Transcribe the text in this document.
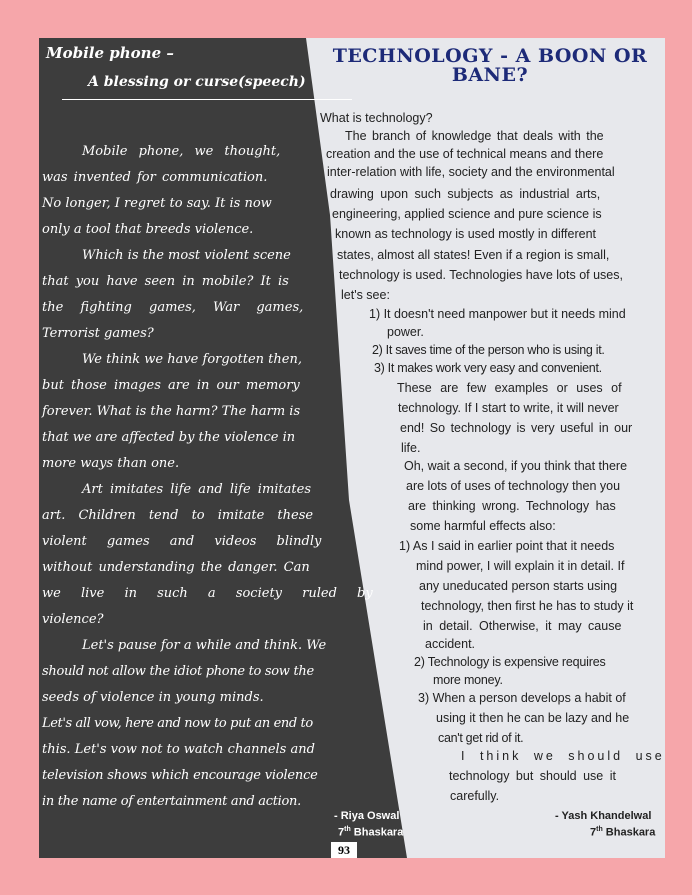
Mobile phone –
A blessing or curse(speech)
Mobile phone, we thought,
was invented for communication.
No longer, I regret to say. It is now
only a tool that breeds violence.
Which is the most violent scene
that you have seen in mobile? It is
the fighting games, War games,
Terrorist games?
We think we have forgotten then,
but those images are in our memory
forever. What is the harm? The harm is
that we are affected by the violence in
more ways than one.
Art imitates life and life imitates
art. Children tend to imitate these
violent games and videos blindly
without understanding the danger. Can
we live in such a society ruled by
violence?
Let's pause for a while and think. We
should not allow the idiot phone to sow the
seeds of violence in young minds.
Let's all vow, here and now to put an end to
this. Let's vow not to watch channels and
television shows which encourage violence
in the name of entertainment and action.
- Riya Oswal
7th Bhaskara
TECHNOLOGY - A BOON OR
BANE?
What is technology?
The branch of knowledge that deals with the
creation and the use of technical means and there
inter-relation with life, society and the environmental
drawing upon such subjects as industrial arts,
engineering, applied science and pure science is
known as technology is used mostly in different
states, almost all states! Even if a region is small,
technology is used. Technologies have lots of uses,
let's see:
1) It doesn't need manpower but it needs mind
power.
2) It saves time of the person who is using it.
3) It makes work very easy and convenient.
These are few examples or uses of
technology. If I start to write, it will never
end! So technology is very useful in our
life.
Oh, wait a second, if you think that there
are lots of uses of technology then you
are thinking wrong. Technology has
some harmful effects also:
1) As I said in earlier point that it needs
mind power, I will explain it in detail. If
any uneducated person starts using
technology, then first he has to study it
in detail. Otherwise, it may cause
accident.
2) Technology is expensive requires
more money.
3) When a person develops a habit of
using it then he can be lazy and he
can't get rid of it.
I think we should use
technology but should use it
carefully.
- Yash Khandelwal
7th Bhaskara
93
